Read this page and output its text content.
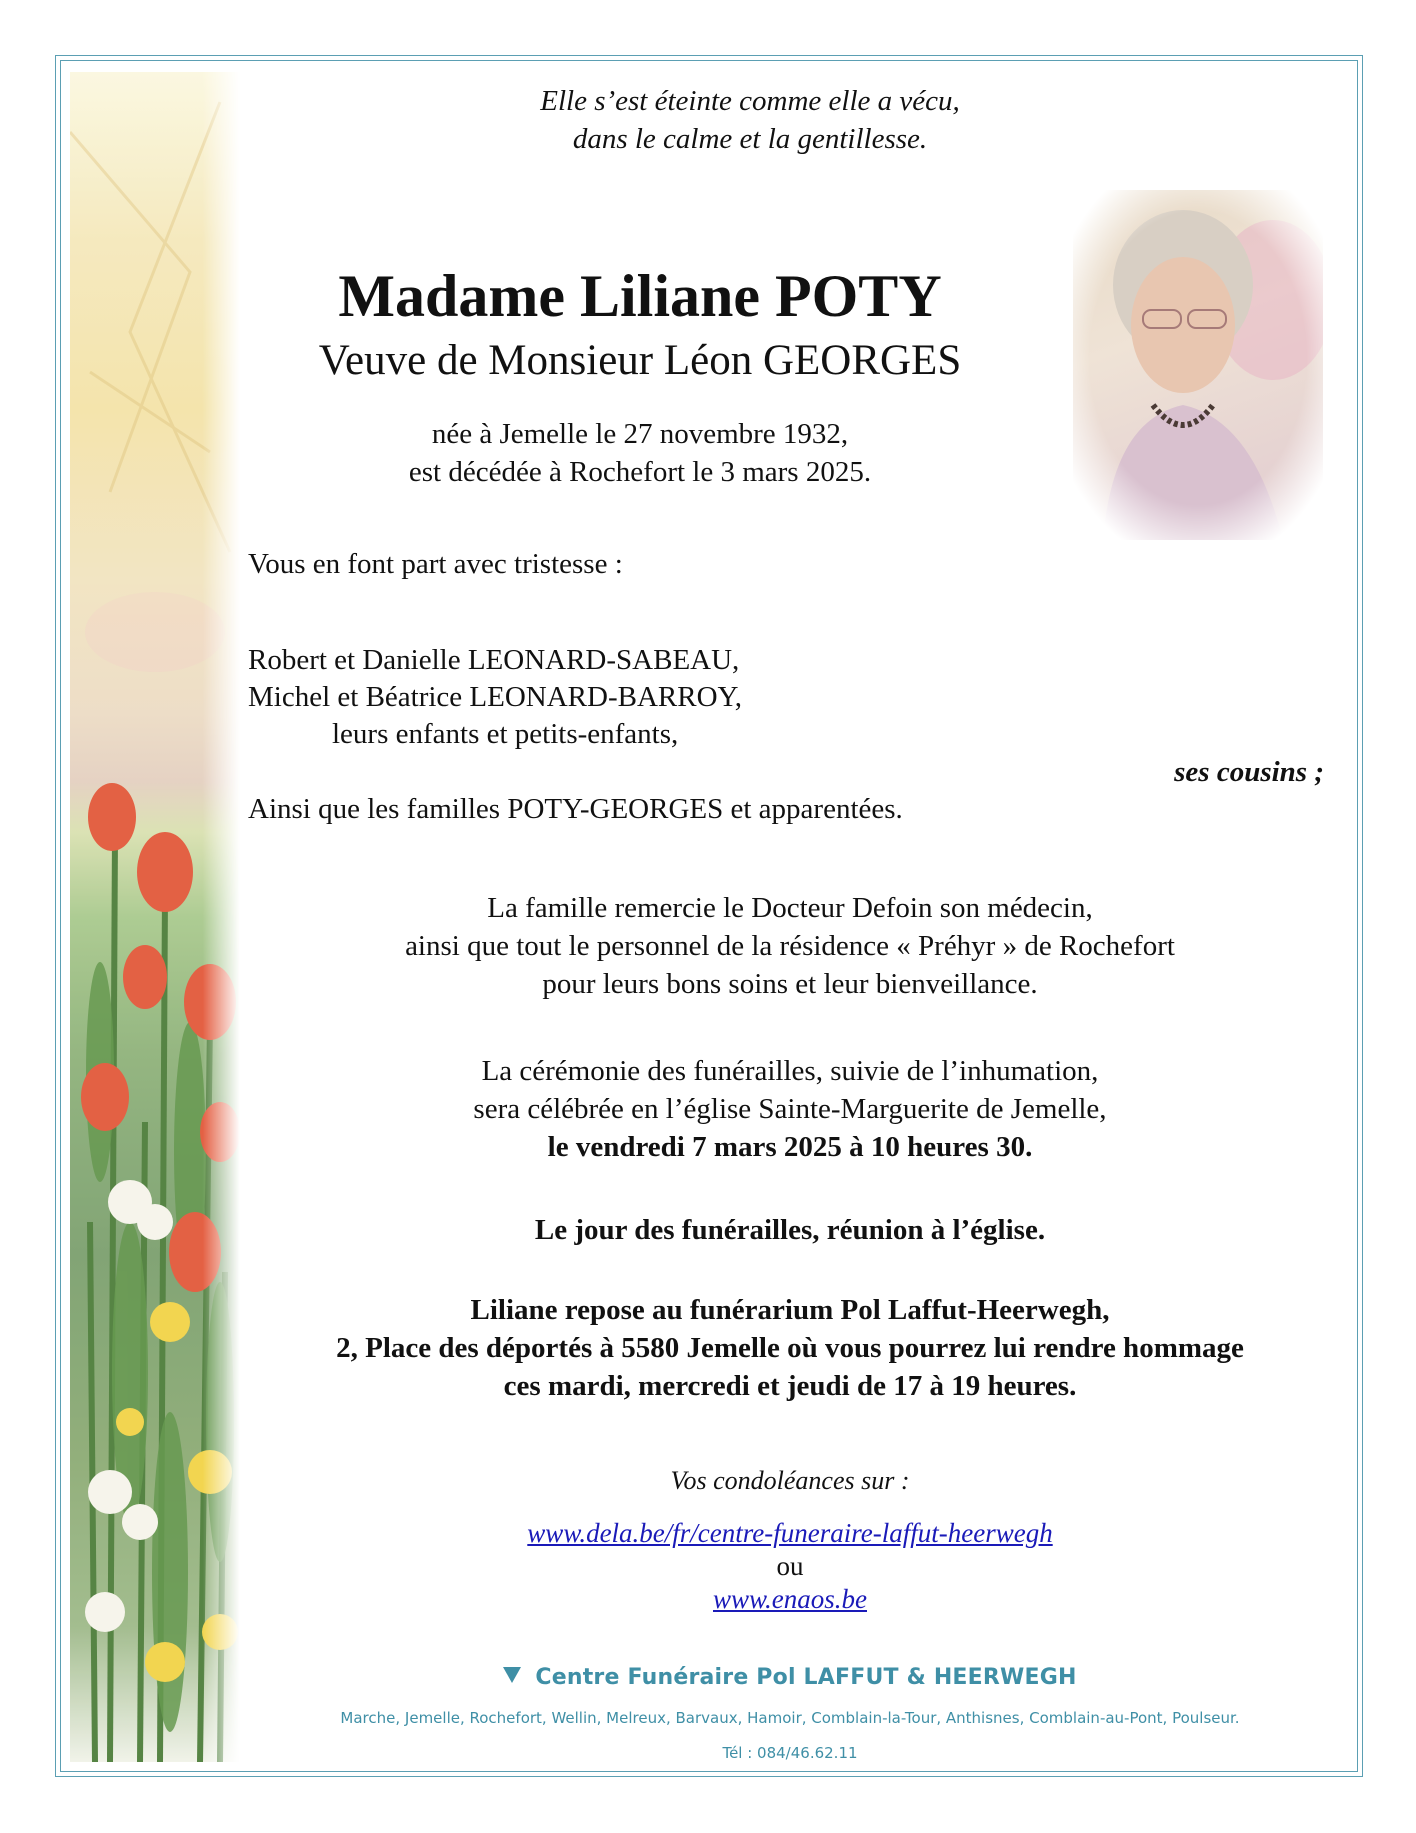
Elle s’est éteinte comme elle a vécu,
dans le calme et la gentillesse.
Madame Liliane POTY
Veuve de Monsieur Léon GEORGES
née à Jemelle le 27 novembre 1932,
est décédée à Rochefort le 3 mars 2025.
Vous en font part avec tristesse :
Robert et Danielle LEONARD-SABEAU,
Michel et Béatrice LEONARD-BARROY,
leurs enfants et petits-enfants,
ses cousins ;
Ainsi que les familles POTY-GEORGES et apparentées.
La famille remercie le Docteur Defoin son médecin,
ainsi que tout le personnel de la résidence « Préhyr » de Rochefort
pour leurs bons soins et leur bienveillance.
La cérémonie des funérailles, suivie de l’inhumation,
sera célébrée en l’église Sainte-Marguerite de Jemelle,
le vendredi 7 mars 2025 à 10 heures 30.
Le jour des funérailles, réunion à l’église.
Liliane repose au funérarium Pol Laffut-Heerwegh,
2, Place des déportés à 5580 Jemelle où vous pourrez lui rendre hommage
ces mardi, mercredi et jeudi de 17 à 19 heures.
Vos condoléances sur :
www.dela.be/fr/centre-funeraire-laffut-heerwegh
ou
www.enaos.be
Centre Funéraire Pol LAFFUT & HEERWEGH
Marche, Jemelle, Rochefort, Wellin, Melreux, Barvaux, Hamoir, Comblain-la-Tour, Anthisnes, Comblain-au-Pont, Poulseur.
Tél : 084/46.62.11
